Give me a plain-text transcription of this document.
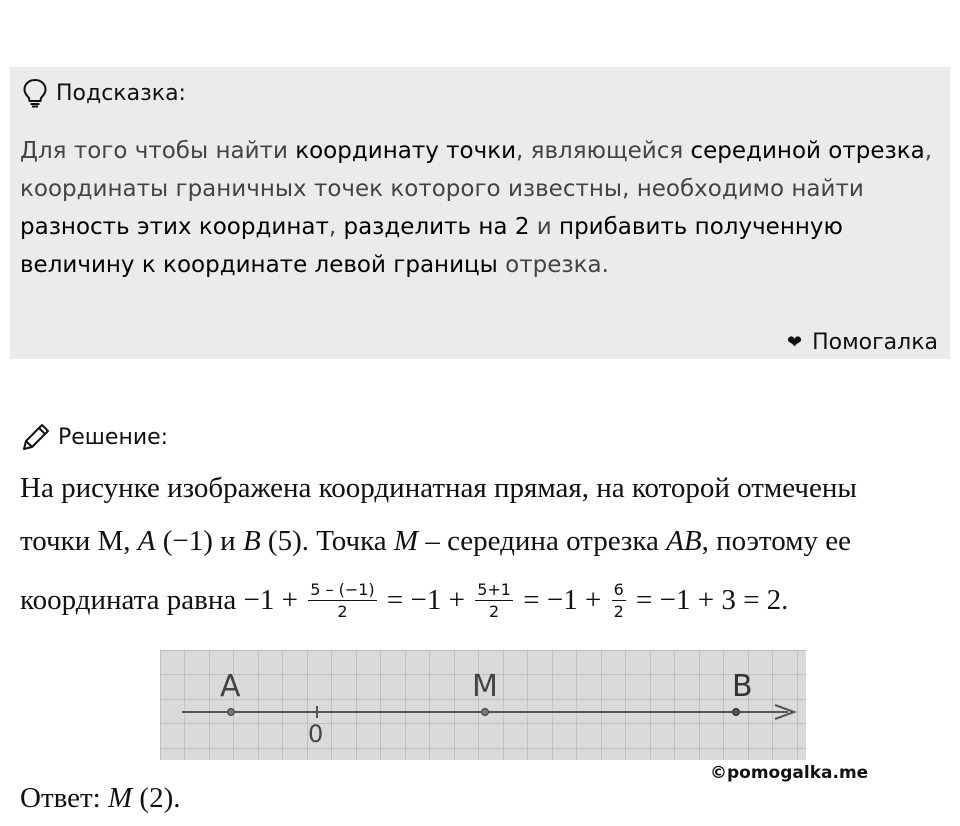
Подсказка:
Для того чтобы найти координату точки, являющейся серединой отрезка, координаты граничных точек которого известны, необходимо найти разность этих координат, разделить на 2 и прибавить полученную величину к координате левой границы отрезка.
❤ Помогалка
Решение:
На рисунке изображена координатная прямая, на которой отмечены
точки М, A (−1) и B (5). Точка M – середина отрезка AB, поэтому ее
координата равна $-1 + \frac{5 - (-1)}{2} = -1 + \frac{5+1}{2} = -1 + \frac{6}{2} = -1 + 3 = 2$.
A	M	B
0
©pomogalka.me
Ответ: M (2).
